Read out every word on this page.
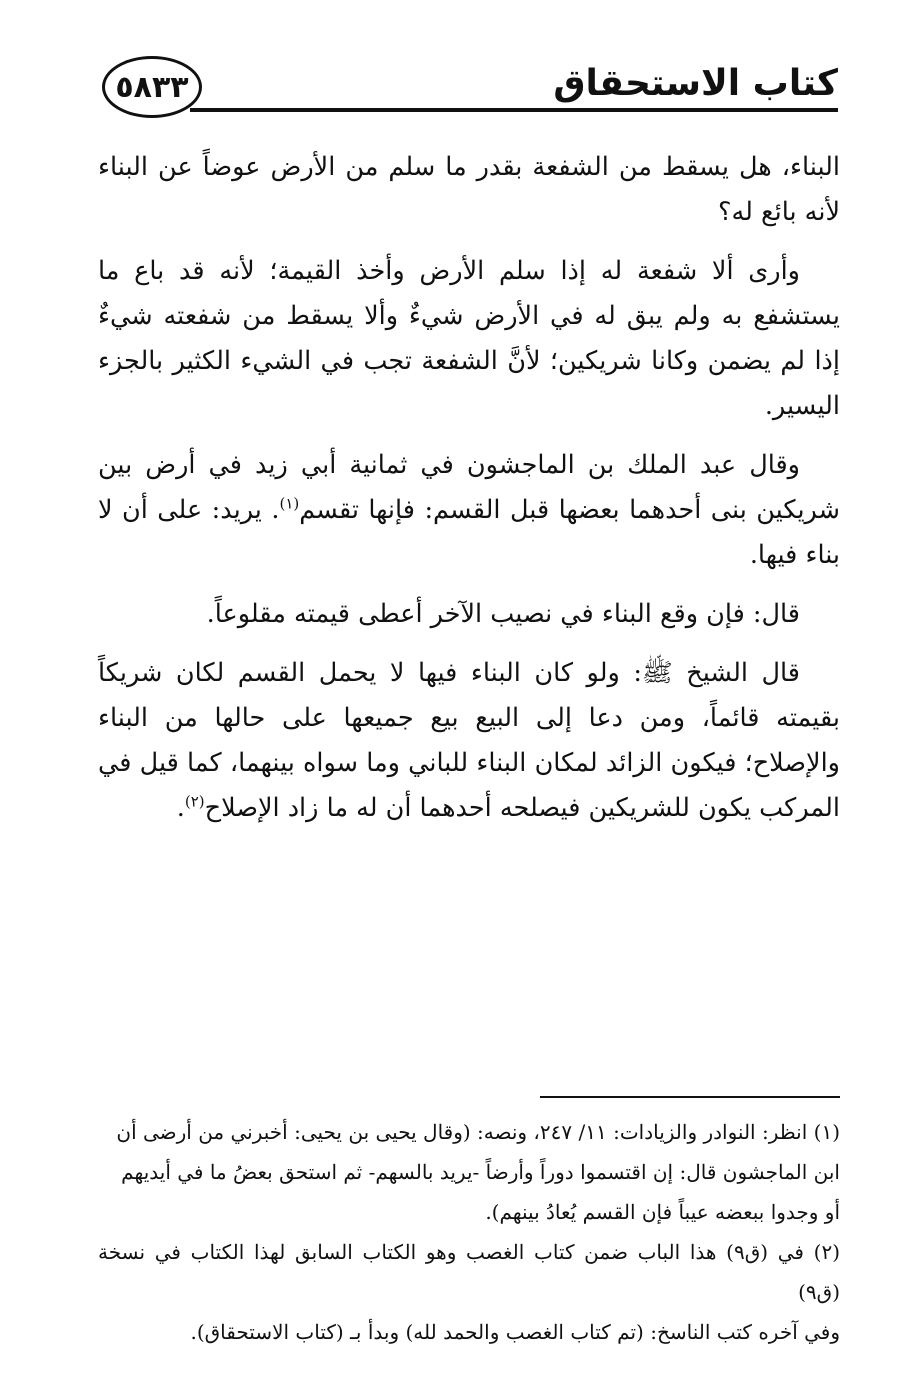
٥٨٣٣	كتاب الاستحقاق

البناء، هل يسقط من الشفعة بقدر ما سلم من الأرض عوضاً عن البناء لأنه بائع له؟

وأرى ألا شفعة له إذا سلم الأرض وأخذ القيمة؛ لأنه قد باع ما يستشفع به ولم يبق له في الأرض شيءٌ وألا يسقط من شفعته شيءٌ إذا لم يضمن وكانا شريكين؛ لأنَّ الشفعة تجب في الشيء الكثير بالجزء اليسير.

وقال عبد الملك بن الماجشون في ثمانية أبي زيد في أرض بين شريكين بنى أحدهما بعضها قبل القسم: فإنها تقسم$^{(١)}$. يريد: على أن لا بناء فيها.

قال: فإن وقع البناء في نصيب الآخر أعطى قيمته مقلوعاً.

قال الشيخ ﷺ: ولو كان البناء فيها لا يحمل القسم لكان شريكاً بقيمته قائماً، ومن دعا إلى البيع بيع جميعها على حالها من البناء والإصلاح؛ فيكون الزائد لمكان البناء للباني وما سواه بينهما، كما قيل في المركب يكون للشريكين فيصلحه أحدهما أن له ما زاد الإصلاح$^{(٢)}$.

(١) انظر: النوادر والزيادات: ١١/ ٢٤٧، ونصه: (وقال يحيى بن يحيى: أخبرني من أرضى أن

ابن الماجشون قال: إن اقتسموا دوراً وأرضاً -يريد بالسهم- ثم استحق بعضُ ما في أيديهم

أو وجدوا ببعضه عيباً فإن القسم يُعادُ بينهم).

(٢) في (ق٩) هذا الباب ضمن كتاب الغصب وهو الكتاب السابق لهذا الكتاب في نسخة (ق٩)

وفي آخره كتب الناسخ: (تم كتاب الغصب والحمد لله) وبدأ بـ (كتاب الاستحقاق).
